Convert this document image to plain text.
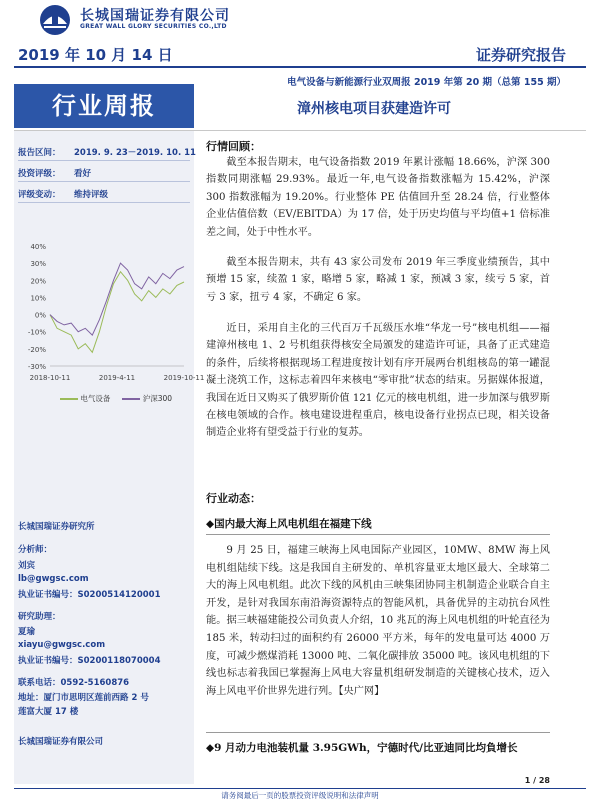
长城国瑞证券有限公司
GREAT WALL GLORY SECURITIES CO.,LTD
2019 年 10 月 14 日	证券研究报告
电气设备与新能源行业双周报 2019 年第 20 期（总第 155 期）
行业周报	漳州核电项目获建造许可
报告区间： 2019. 9. 23－2019. 10. 11
投资评级： 看好
评级变动： 维持评级
40%
30%
20%
10%
0%
-10%
-20%
-30%
2018-10-11	2019-4-11	2019-10-11
电气设备	沪深300
长城国瑞证券研究所
分析师：
刘宾
lb@gwgsc.com
执业证书编号：S0200514120001
研究助理：
夏瑜
xiayu@gwgsc.com
执业证书编号：S0200118070004
联系电话：0592-5160876
地址：厦门市思明区莲前西路 2 号
莲富大厦 17 楼
长城国瑞证券有限公司
行情回顾：
截至本报告期末，电气设备指数 2019 年累计涨幅 18.66%，沪深 300 指数同期涨幅 29.93%。最近一年,电气设备指数涨幅为 15.42%，沪深 300 指数涨幅为 19.20%。行业整体 PE 估值回升至 28.24 倍，行业整体企业估值倍数（EV/EBITDA）为 17 倍，处于历史均值与平均值+1 倍标准差之间，处于中性水平。
截至本报告期末，共有 43 家公司发布 2019 年三季度业绩预告，其中预增 15 家，续盈 1 家，略增 5 家，略减 1 家，预减 3 家，续亏 5 家，首亏 3 家，扭亏 4 家，不确定 6 家。
近日，采用自主化的三代百万千瓦级压水堆“华龙一号”核电机组——福建漳州核电 1、2 号机组获得核安全局颁发的建造许可证，具备了正式建造的条件，后续将根据现场工程进度按计划有序开展两台机组核岛的第一罐混凝土浇筑工作，这标志着四年来核电“零审批”状态的结束。另据媒体报道，我国在近日又购买了俄罗斯价值 121 亿元的核电机组，进一步加深与俄罗斯在核电领域的合作。核电建设进程重启，核电设备行业拐点已现，相关设备制造企业将有望受益于行业的复苏。
行业动态：
◆国内最大海上风电机组在福建下线
9 月 25 日，福建三峡海上风电国际产业园区，10MW、8MW 海上风电机组陆续下线。这是我国自主研发的、单机容量亚太地区最大、全球第二大的海上风电机组。此次下线的风机由三峡集团协同主机制造企业联合自主开发，是针对我国东南沿海资源特点的智能风机，具备优异的主动抗台风性能。据三峡福建能投公司负责人介绍，10 兆瓦的海上风电机组的叶轮直径为 185 米，转动扫过的面积约有 26000 平方米，每年的发电量可达 4000 万度，可减少燃煤消耗 13000 吨、二氧化碳排放 35000 吨。该风电机组的下线也标志着我国已掌握海上风电大容量机组研发制造的关键核心技术，迈入海上风电平价世界先进行列。【央广网】
◆9 月动力电池装机量 3.95GWh，宁德时代/比亚迪同比均負增长
1 / 28
请务阅最后一页的股票投资评级说明和法律声明
